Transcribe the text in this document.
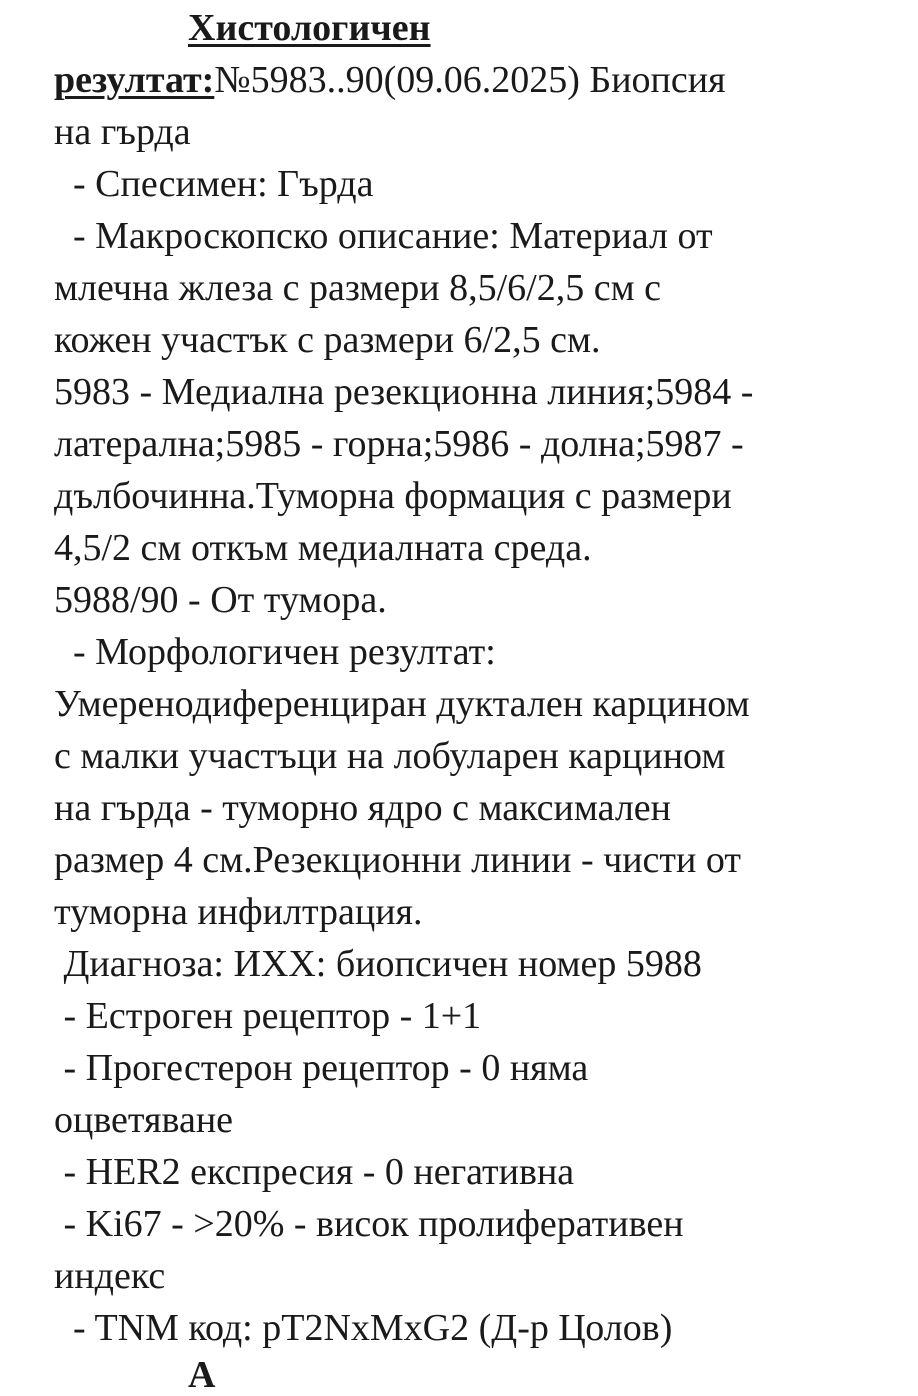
Хистологичен
резултат:№5983..90(09.06.2025) Биопсия
на гърда
- Спесимен: Гърда
- Макроскопско описание: Материал от
млечна жлеза с размери 8,5/6/2,5 см с
кожен участък с размери 6/2,5 см.
5983 - Медиална резекционна линия;5984 -
латерална;5985 - горна;5986 - долна;5987 -
дълбочинна.Туморна формация с размери
4,5/2 см откъм медиалната среда.
5988/90 - От тумора.
- Морфологичен резултат:
Умеренодиференциран дуктален карцином
с малки участъци на лобуларен карцином
на гърда - туморно ядро с максимален
размер 4 см.Резекционни линии - чисти от
туморна инфилтрация.
Диагноза: ИХХ: биопсичен номер 5988
- Естроген рецептор - 1+1
- Прогестерон рецептор - 0 няма
оцветяване
- HER2 експресия - 0 негативна
- Ki67 - >20% - висок пролиферативен
индекс
- TNM код: pT2NxMxG2 (Д-р Цолов)
A
